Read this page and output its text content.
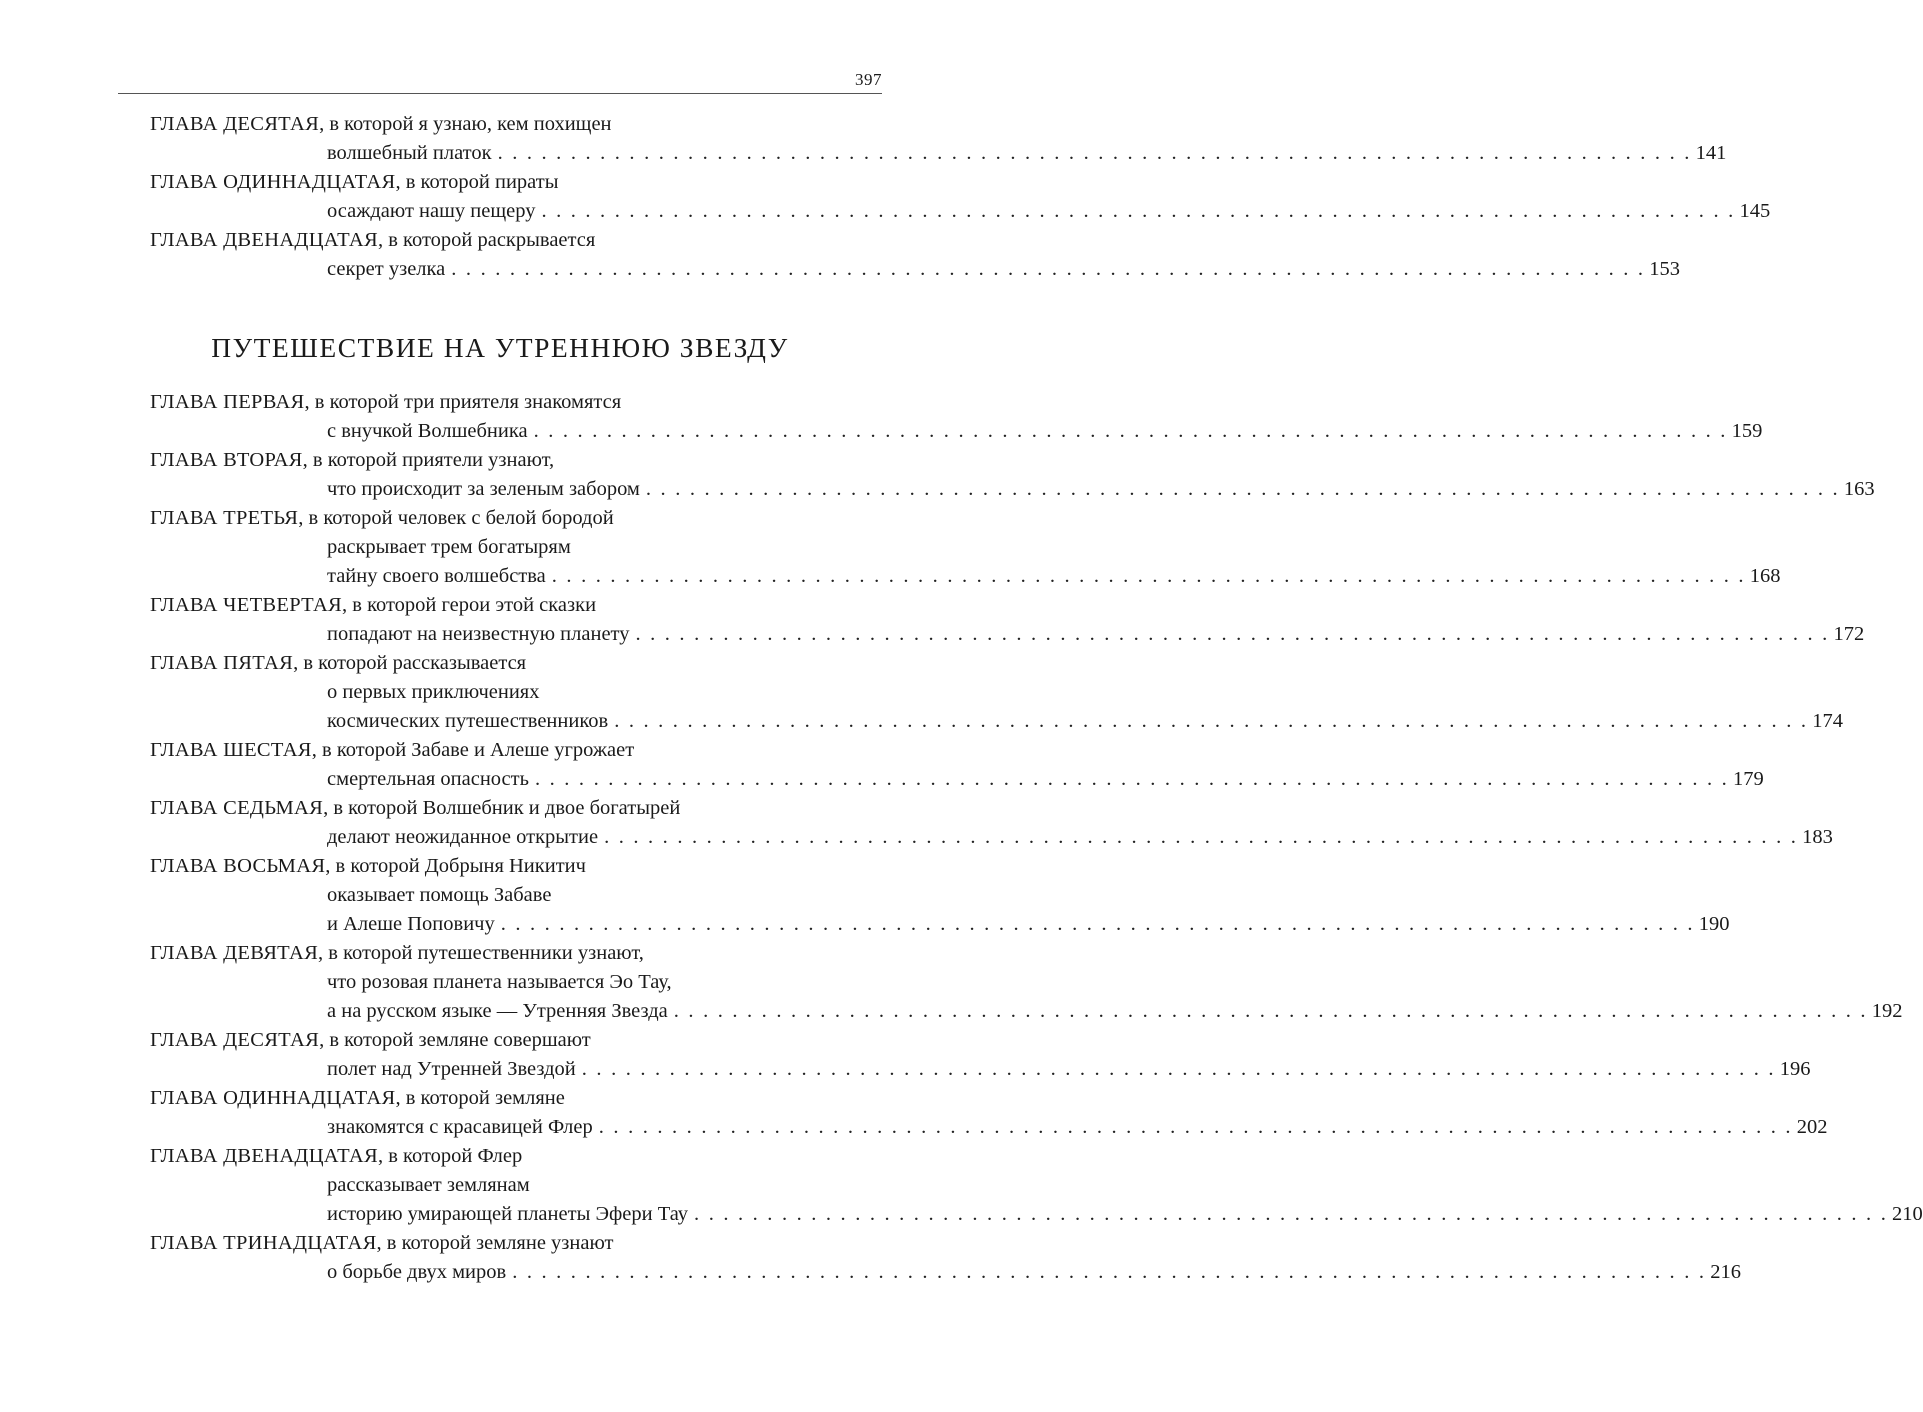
397
ГЛАВА ДЕСЯТАЯ, в которой я узнаю, кем похищен
волшебный платок . . . . . . . . . . . . . . . . . . . . . . . . . . . . . . . . . . . . . . . . . . . . . . . . . . . . . . . . . . . . . . . . . . . . . . . . . . . . . . . . . . 141
ГЛАВА ОДИННАДЦАТАЯ, в которой пираты
осаждают нашу пещеру . . . . . . . . . . . . . . . . . . . . . . . . . . . . . . . . . . . . . . . . . . . . . . . . . . . . . . . . . . . . . . . . . . . . . . . . . . . . . . . . . . 145
ГЛАВА ДВЕНАДЦАТАЯ, в которой раскрывается
секрет узелка . . . . . . . . . . . . . . . . . . . . . . . . . . . . . . . . . . . . . . . . . . . . . . . . . . . . . . . . . . . . . . . . . . . . . . . . . . . . . . . . . . 153
ПУТЕШЕСТВИЕ НА УТРЕННЮЮ ЗВЕЗДУ
ГЛАВА ПЕРВАЯ, в которой три приятеля знакомятся
с внучкой Волшебника . . . . . . . . . . . . . . . . . . . . . . . . . . . . . . . . . . . . . . . . . . . . . . . . . . . . . . . . . . . . . . . . . . . . . . . . . . . . . . . . . . 159
ГЛАВА ВТОРАЯ, в которой приятели узнают,
что происходит за зеленым забором . . . . . . . . . . . . . . . . . . . . . . . . . . . . . . . . . . . . . . . . . . . . . . . . . . . . . . . . . . . . . . . . . . . . . . . . . . . . . . . . . . 163
ГЛАВА ТРЕТЬЯ, в которой человек с белой бородой
раскрывает трем богатырям
тайну своего волшебства . . . . . . . . . . . . . . . . . . . . . . . . . . . . . . . . . . . . . . . . . . . . . . . . . . . . . . . . . . . . . . . . . . . . . . . . . . . . . . . . . . 168
ГЛАВА ЧЕТВЕРТАЯ, в которой герои этой сказки
попадают на неизвестную планету . . . . . . . . . . . . . . . . . . . . . . . . . . . . . . . . . . . . . . . . . . . . . . . . . . . . . . . . . . . . . . . . . . . . . . . . . . . . . . . . . . 172
ГЛАВА ПЯТАЯ, в которой рассказывается
о первых приключениях
космических путешественников . . . . . . . . . . . . . . . . . . . . . . . . . . . . . . . . . . . . . . . . . . . . . . . . . . . . . . . . . . . . . . . . . . . . . . . . . . . . . . . . . . 174
ГЛАВА ШЕСТАЯ, в которой Забаве и Алеше угрожает
смертельная опасность . . . . . . . . . . . . . . . . . . . . . . . . . . . . . . . . . . . . . . . . . . . . . . . . . . . . . . . . . . . . . . . . . . . . . . . . . . . . . . . . . . 179
ГЛАВА СЕДЬМАЯ, в которой Волшебник и двое богатырей
делают неожиданное открытие . . . . . . . . . . . . . . . . . . . . . . . . . . . . . . . . . . . . . . . . . . . . . . . . . . . . . . . . . . . . . . . . . . . . . . . . . . . . . . . . . . 183
ГЛАВА ВОСЬМАЯ, в которой Добрыня Никитич
оказывает помощь Забаве
и Алеше Поповичу . . . . . . . . . . . . . . . . . . . . . . . . . . . . . . . . . . . . . . . . . . . . . . . . . . . . . . . . . . . . . . . . . . . . . . . . . . . . . . . . . . 190
ГЛАВА ДЕВЯТАЯ, в которой путешественники узнают,
что розовая планета называется Эо Тау,
а на русском языке — Утренняя Звезда . . . . . . . . . . . . . . . . . . . . . . . . . . . . . . . . . . . . . . . . . . . . . . . . . . . . . . . . . . . . . . . . . . . . . . . . . . . . . . . . . . 192
ГЛАВА ДЕСЯТАЯ, в которой земляне совершают
полет над Утренней Звездой . . . . . . . . . . . . . . . . . . . . . . . . . . . . . . . . . . . . . . . . . . . . . . . . . . . . . . . . . . . . . . . . . . . . . . . . . . . . . . . . . . 196
ГЛАВА ОДИННАДЦАТАЯ, в которой земляне
знакомятся с красавицей Флер . . . . . . . . . . . . . . . . . . . . . . . . . . . . . . . . . . . . . . . . . . . . . . . . . . . . . . . . . . . . . . . . . . . . . . . . . . . . . . . . . . 202
ГЛАВА ДВЕНАДЦАТАЯ, в которой Флер
рассказывает землянам
историю умирающей планеты Эфери Тау . . . . . . . . . . . . . . . . . . . . . . . . . . . . . . . . . . . . . . . . . . . . . . . . . . . . . . . . . . . . . . . . . . . . . . . . . . . . . . . . . . 210
ГЛАВА ТРИНАДЦАТАЯ, в которой земляне узнают
о борьбе двух миров . . . . . . . . . . . . . . . . . . . . . . . . . . . . . . . . . . . . . . . . . . . . . . . . . . . . . . . . . . . . . . . . . . . . . . . . . . . . . . . . . . 216
